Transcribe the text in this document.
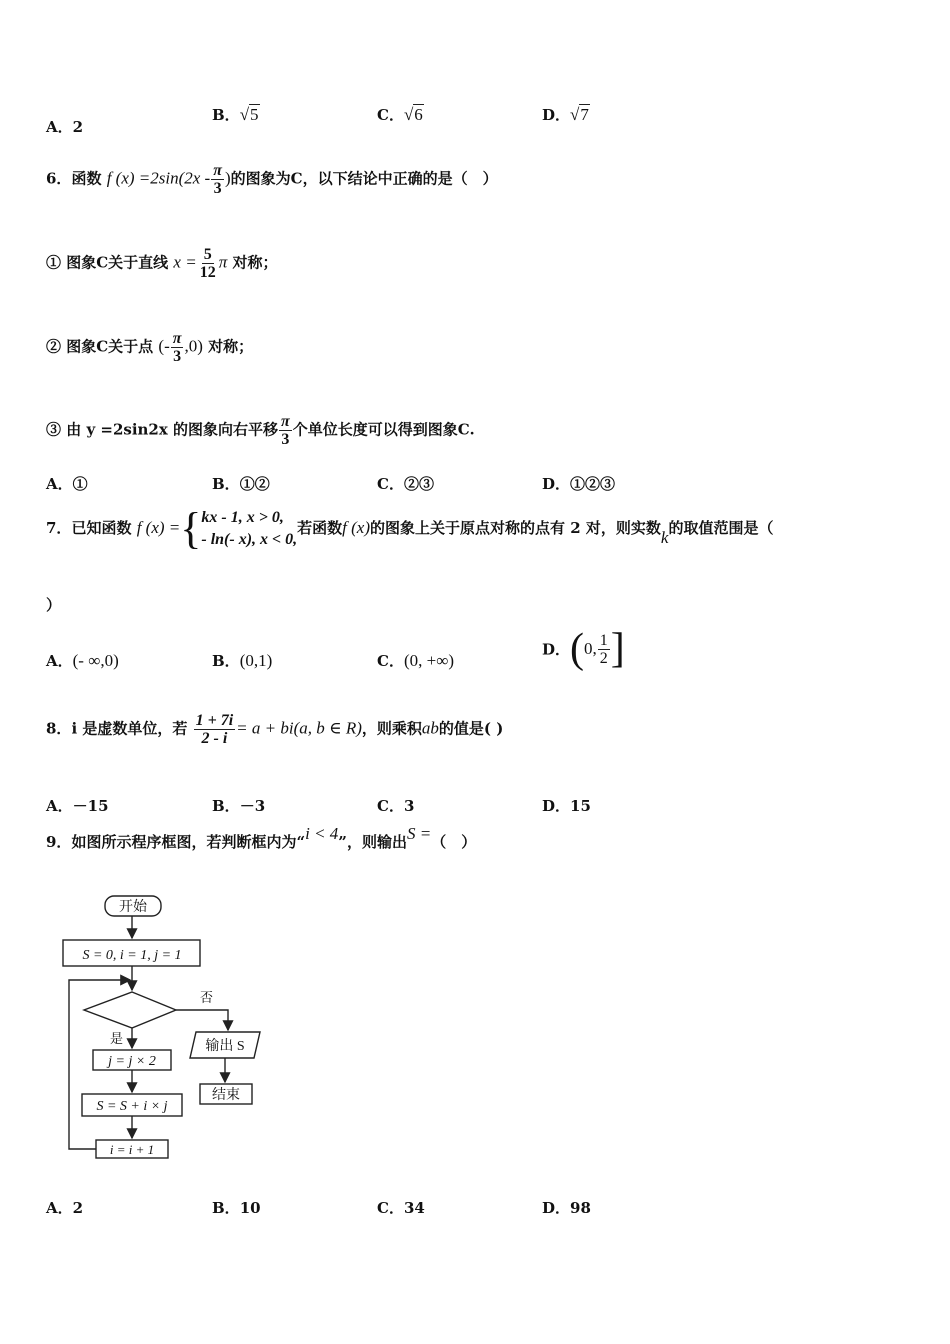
A．2
B．√5	C．√6	D．√7
6．函数 f $(x) =2\sin(2x - \frac{\pi}{3}$ )的图象为C，以下结论中正确的是（　）
① 图象C关于直线 $x = \frac{5}{12}$ π 对称；
② 图象C关于点 (- $\frac{\pi}{3} ,0$) 对称；
③ 由 y =2sin2x 的图象向右平移 $\frac{\pi}{3}$ 个单位长度可以得到图象C.
A．①	B．①②	C．②③	D．①②③
7．已知函数 f (x) = { kx - 1, x > 0,
- ln(- x), x < 0,
若函数f (x)的图象上关于原点对称的点有 2 对，则实数k的取值范围是（
）
A．(- ∞,0)	B．(0,1)	C．(0, +∞)
D．(0, $\frac{1}{2}$ ]
8．i 是虚数单位，若 $\frac{1 + 7i}{2 - i} = a + bi(a$, b ∈ R)，则乘积ab的值是( )
A．－15	B．－3	C．3	D．15
9．如图所示程序框图，若判断框内为“i < 4”，则输出S =（　）
开始
S = 0, i = 1, j = 1
否
是
输出 S
结束
j = j × 2
S = S + i × j
i = i + 1
A．2	B．10	C．34	D．98
